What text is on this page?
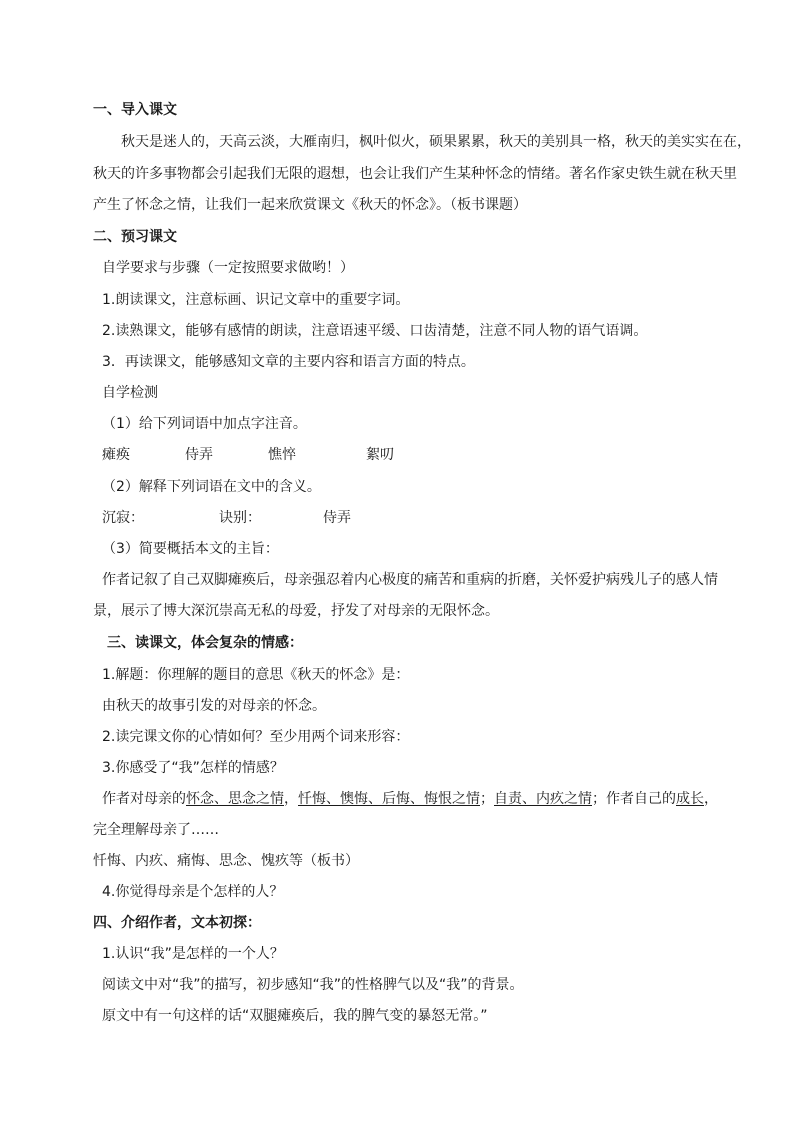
一、导入课文
秋天是迷人的，天高云淡，大雁南归，枫叶似火，硕果累累，秋天的美别具一格，秋天的美实实在在，
秋天的许多事物都会引起我们无限的遐想，也会让我们产生某种怀念的情绪。著名作家史铁生就在秋天里
产生了怀念之情，让我们一起来欣赏课文《秋天的怀念》。（板书课题）
二、预习课文
自学要求与步骤（一定按照要求做哟！）
1.朗读课文，注意标画、识记文章中的重要字词。
2.读熟课文，能够有感情的朗读，注意语速平缓、口齿清楚，注意不同人物的语气语调。
3．再读课文，能够感知文章的主要内容和语言方面的特点。
自学检测
（1）给下列词语中加点字注音。
瘫痪	侍弄	憔悴	絮叨
（2）解释下列词语在文中的含义。
沉寂：	诀别：	侍弄
（3）简要概括本文的主旨：
作者记叙了自己双脚瘫痪后，母亲强忍着内心极度的痛苦和重病的折磨，关怀爱护病残儿子的感人情
景，展示了博大深沉崇高无私的母爱，抒发了对母亲的无限怀念。
三、读课文，体会复杂的情感：
1.解题：你理解的题目的意思《秋天的怀念》是：
由秋天的故事引发的对母亲的怀念。
2.读完课文你的心情如何？至少用两个词来形容：
3.你感受了“我”怎样的情感？
作者对母亲的怀念、思念之情，忏悔、懊悔、后悔、悔恨之情；自责、内疚之情；作者自己的成长，
完全理解母亲了……
忏悔、内疚、痛悔、思念、愧疚等（板书）
4.你觉得母亲是个怎样的人？
四、介绍作者，文本初探：
1.认识“我”是怎样的一个人？
阅读文中对“我”的描写，初步感知“我”的性格脾气以及“我”的背景。
原文中有一句这样的话“双腿瘫痪后，我的脾气变的暴怒无常。”
